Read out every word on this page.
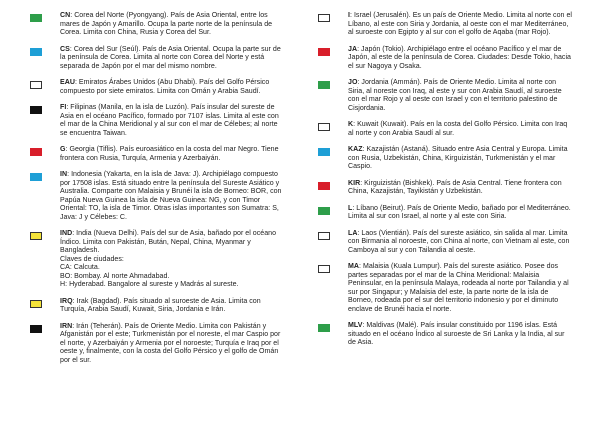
CN: Corea del Norte (Pyongyang). País de Asia Oriental, entre los mares de Japón y Amarillo. Ocupa la parte norte de la península de Corea. Limita con China, Rusia y Corea del Sur.
CS: Corea del Sur (Seúl). País de Asia Oriental. Ocupa la parte sur de la península de Corea. Limita al norte con Corea del Norte y está separada de Japón por el mar del mismo nombre.
EAU: Emiratos Árabes Unidos (Abu Dhabi). País del Golfo Pérsico compuesto por siete emiratos. Limita con Omán y Arabia Saudí.
FI: Filipinas (Manila, en la isla de Luzón). País insular del sureste de Asia en el océano Pacífico, formado por 7107 islas. Limita al este con el mar de la China Meridional y al sur con el mar de Célebes; al norte se encuentra Taiwan.
G: Georgia (Tiflis). País euroasiático en la costa del mar Negro. Tiene frontera con Rusia, Turquía, Armenia y Azerbaiyán.
IN: Indonesia (Yakarta, en la isla de Java: J). Archipiélago compuesto por 17508 islas. Está situado entre la península del Sureste Asiático y Australia. Comparte con Malaisia y Brunéi la isla de Borneo: BOR, con Papúa Nueva Guinea la isla de Nueva Guinea: NG, y con Timor Oriental: TO, la isla de Timor. Otras islas importantes son Sumatra: S, Java: J y Célebes: C.
IND: India (Nueva Delhi). País del sur de Asia, bañado por el océano Índico. Limita con Pakistán, Bután, Nepal, China, Myanmar y Bangladesh.
Claves de ciudades:
CA: Calcuta.
BO: Bombay. Al norte Ahmadabad.
H: Hyderabad. Bangalore al sureste y Madrás al sureste.
IRQ: Irak (Bagdad). País situado al suroeste de Asia. Limita con Turquía, Arabia Saudí, Kuwait, Siria, Jordania e Irán.
IRN: Irán (Teherán). País de Oriente Medio. Limita con Pakistán y Afganistán por el este; Turkmenistán por el noreste, el mar Caspio por el norte, y Azerbaiyán y Armenia por el noroeste; Turquía e Iraq por el oeste y, finalmente, con la costa del Golfo Pérsico y el golfo de Omán por el sur.
I: Israel (Jerusalén). Es un país de Oriente Medio. Limita al norte con el Líbano, al este con Siria y Jordania, al oeste con el mar Mediterráneo, al suroeste con Egipto y al sur con el golfo de Aqaba (mar Rojo).
JA: Japón (Tokio). Archipiélago entre el océano Pacífico y el mar de Japón, al este de la península de Corea. Ciudades: Desde Tokio, hacia el sur Nagoya y Osaka.
JO: Jordania (Ammán). País de Oriente Medio. Limita al norte con Siria, al noreste con Iraq, al este y sur con Arabia Saudí, al suroeste con el mar Rojo y al oeste con Israel y con el territorio palestino de Cisjordania.
K: Kuwait (Kuwait). País en la costa del Golfo Pérsico. Limita con Iraq al norte y con Arabia Saudí al sur.
KAZ: Kazajistán (Astaná). Situado entre Asia Central y Europa. Limita con Rusia, Uzbekistán, China, Kirguizistán, Turkmenistán y el mar Caspio.
KIR: Kirguizistán (Bishkek). País de Asia Central. Tiene frontera con China, Kazajistán, Tayikistán y Uzbekistán.
L: Líbano (Beirut). País de Oriente Medio, bañado por el Mediterráneo. Limita al sur con Israel, al norte y al este con Siria.
LA: Laos (Vientián). País del sureste asiático, sin salida al mar. Limita con Birmania al noroeste, con China al norte, con Vietnam al este, con Camboya al sur y con Tailandia al oeste.
MA: Malaisia (Kuala Lumpur). País del sureste asiático. Posee dos partes separadas por el mar de la China Meridional: Malaisia Peninsular, en la península Malaya, rodeada al norte por Tailandia y al sur por Singapur; y Malaisia del este, la parte norte de la isla de Borneo, rodeada por el sur del territorio indonesio y por el diminuto enclave de Brunéi hacia el norte.
MLV: Maldivas (Malé). País insular constituido por 1196 islas. Está situado en el océano Índico al suroeste de Sri Lanka y la India, al sur de Asia.
